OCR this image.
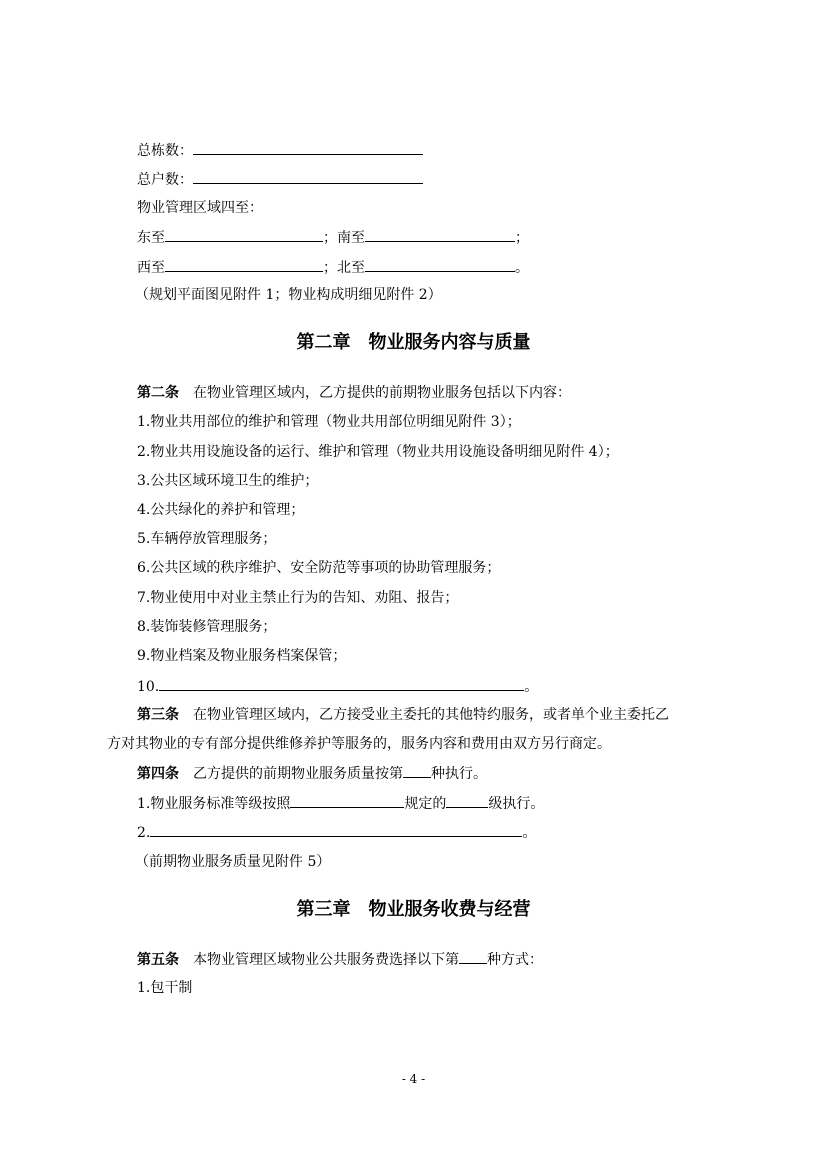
总栋数：
总户数：
物业管理区域四至：
东至	；南至	；
西至	；北至	。
（规划平面图见附件 1；物业构成明细见附件 2）
第二章　物业服务内容与质量
第二条　在物业管理区域内，乙方提供的前期物业服务包括以下内容：
1.物业共用部位的维护和管理（物业共用部位明细见附件 3）；
2.物业共用设施设备的运行、维护和管理（物业共用设施设备明细见附件 4）；
3.公共区域环境卫生的维护；
4.公共绿化的养护和管理；
5.车辆停放管理服务；
6.公共区域的秩序维护、安全防范等事项的协助管理服务；
7.物业使用中对业主禁止行为的告知、劝阻、报告；
8.装饰装修管理服务；
9.物业档案及物业服务档案保管；
10.	。
第三条　在物业管理区域内，乙方接受业主委托的其他特约服务，或者单个业主委托乙
方对其物业的专有部分提供维修养护等服务的，服务内容和费用由双方另行商定。
第四条　乙方提供的前期物业服务质量按第 种执行。
1.物业服务标准等级按照	规定的	级执行。
2.	。
（前期物业服务质量见附件 5）
第三章　物业服务收费与经营
第五条　本物业管理区域物业公共服务费选择以下第 种方式：
1.包干制
- 4 -
